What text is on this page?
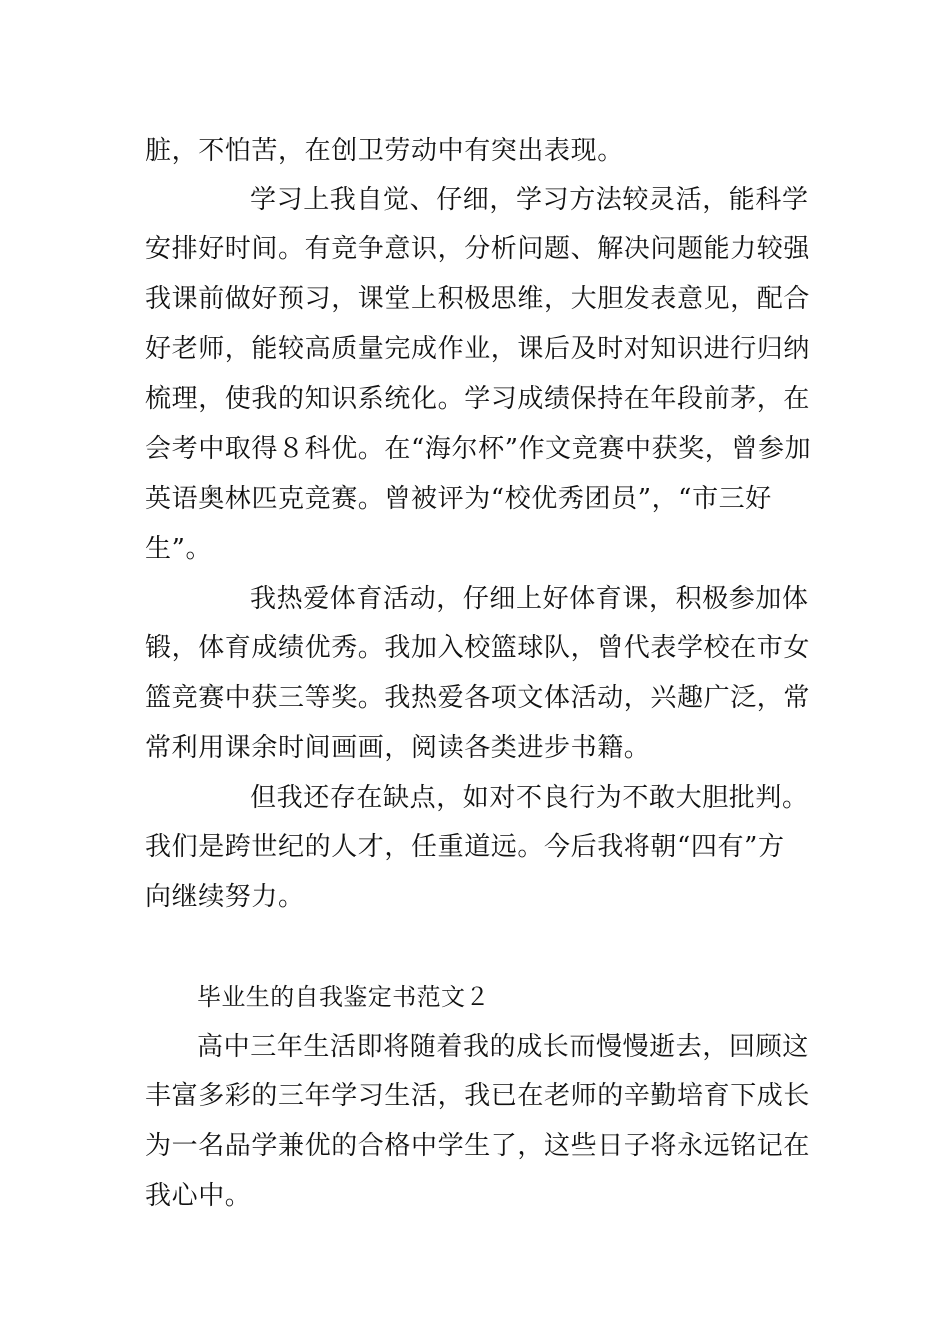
脏，不怕苦，在创卫劳动中有突出表现。
学习上我自觉、仔细，学习方法较灵活，能科学
安排好时间。有竞争意识，分析问题、解决问题能力较强
我课前做好预习，课堂上积极思维，大胆发表意见，配合
好老师，能较高质量完成作业，课后及时对知识进行归纳
梳理，使我的知识系统化。学习成绩保持在年段前茅，在
会考中取得８科优。在“海尔杯”作文竞赛中获奖，曾参加
英语奥林匹克竞赛。曾被评为“校优秀团员”，“市三好
生”。
我热爱体育活动，仔细上好体育课，积极参加体
锻，体育成绩优秀。我加入校篮球队，曾代表学校在市女
篮竞赛中获三等奖。我热爱各项文体活动，兴趣广泛，常
常利用课余时间画画，阅读各类进步书籍。
但我还存在缺点，如对不良行为不敢大胆批判。
我们是跨世纪的人才，任重道远。今后我将朝“四有”方
向继续努力。
毕业生的自我鉴定书范文２
高中三年生活即将随着我的成长而慢慢逝去，回顾这
丰富多彩的三年学习生活，我已在老师的辛勤培育下成长
为一名品学兼优的合格中学生了，这些日子将永远铭记在
我心中。
